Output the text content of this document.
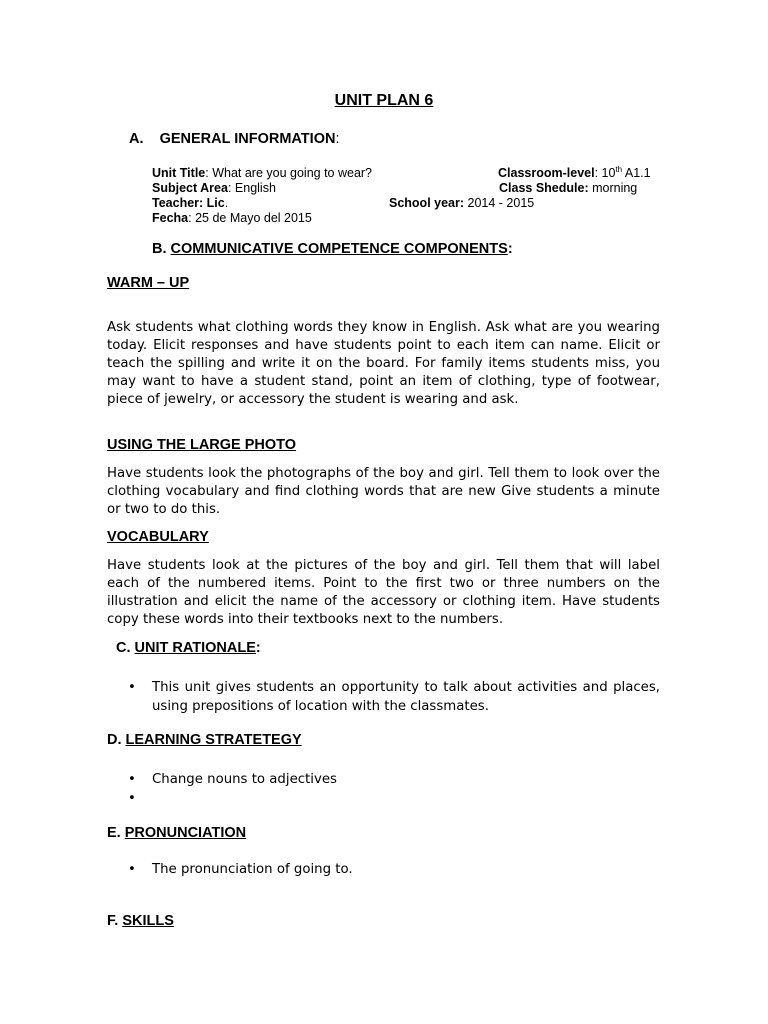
UNIT PLAN 6
A. GENERAL INFORMATION:
Unit Title: What are you going to wear?	Classroom-level: 10th A1.1
Subject Area: English	Class Shedule: morning
Teacher: Lic.	School year: 2014 - 2015
Fecha: 25 de Mayo del 2015
B. COMMUNICATIVE COMPETENCE COMPONENTS:
WARM – UP
Ask students what clothing words they know in English. Ask what are you wearing today. Elicit responses and have students point to each item can name. Elicit or teach the spilling and write it on the board. For family items students miss, you may want to have a student stand, point an item of clothing, type of footwear, piece of jewelry, or accessory the student is wearing and ask.
USING THE LARGE PHOTO
Have students look the photographs of the boy and girl. Tell them to look over the clothing vocabulary and find clothing words that are new Give students a minute or two to do this.
VOCABULARY
Have students look at the pictures of the boy and girl. Tell them that will label each of the numbered items. Point to the first two or three numbers on the illustration and elicit the name of the accessory or clothing item. Have students copy these words into their textbooks next to the numbers.
C. UNIT RATIONALE:
• This unit gives students an opportunity to talk about activities and places, using prepositions of location with the classmates.
D. LEARNING STRATETEGY
• Change nouns to adjectives
•
E. PRONUNCIATION
• The pronunciation of going to.
F. SKILLS
